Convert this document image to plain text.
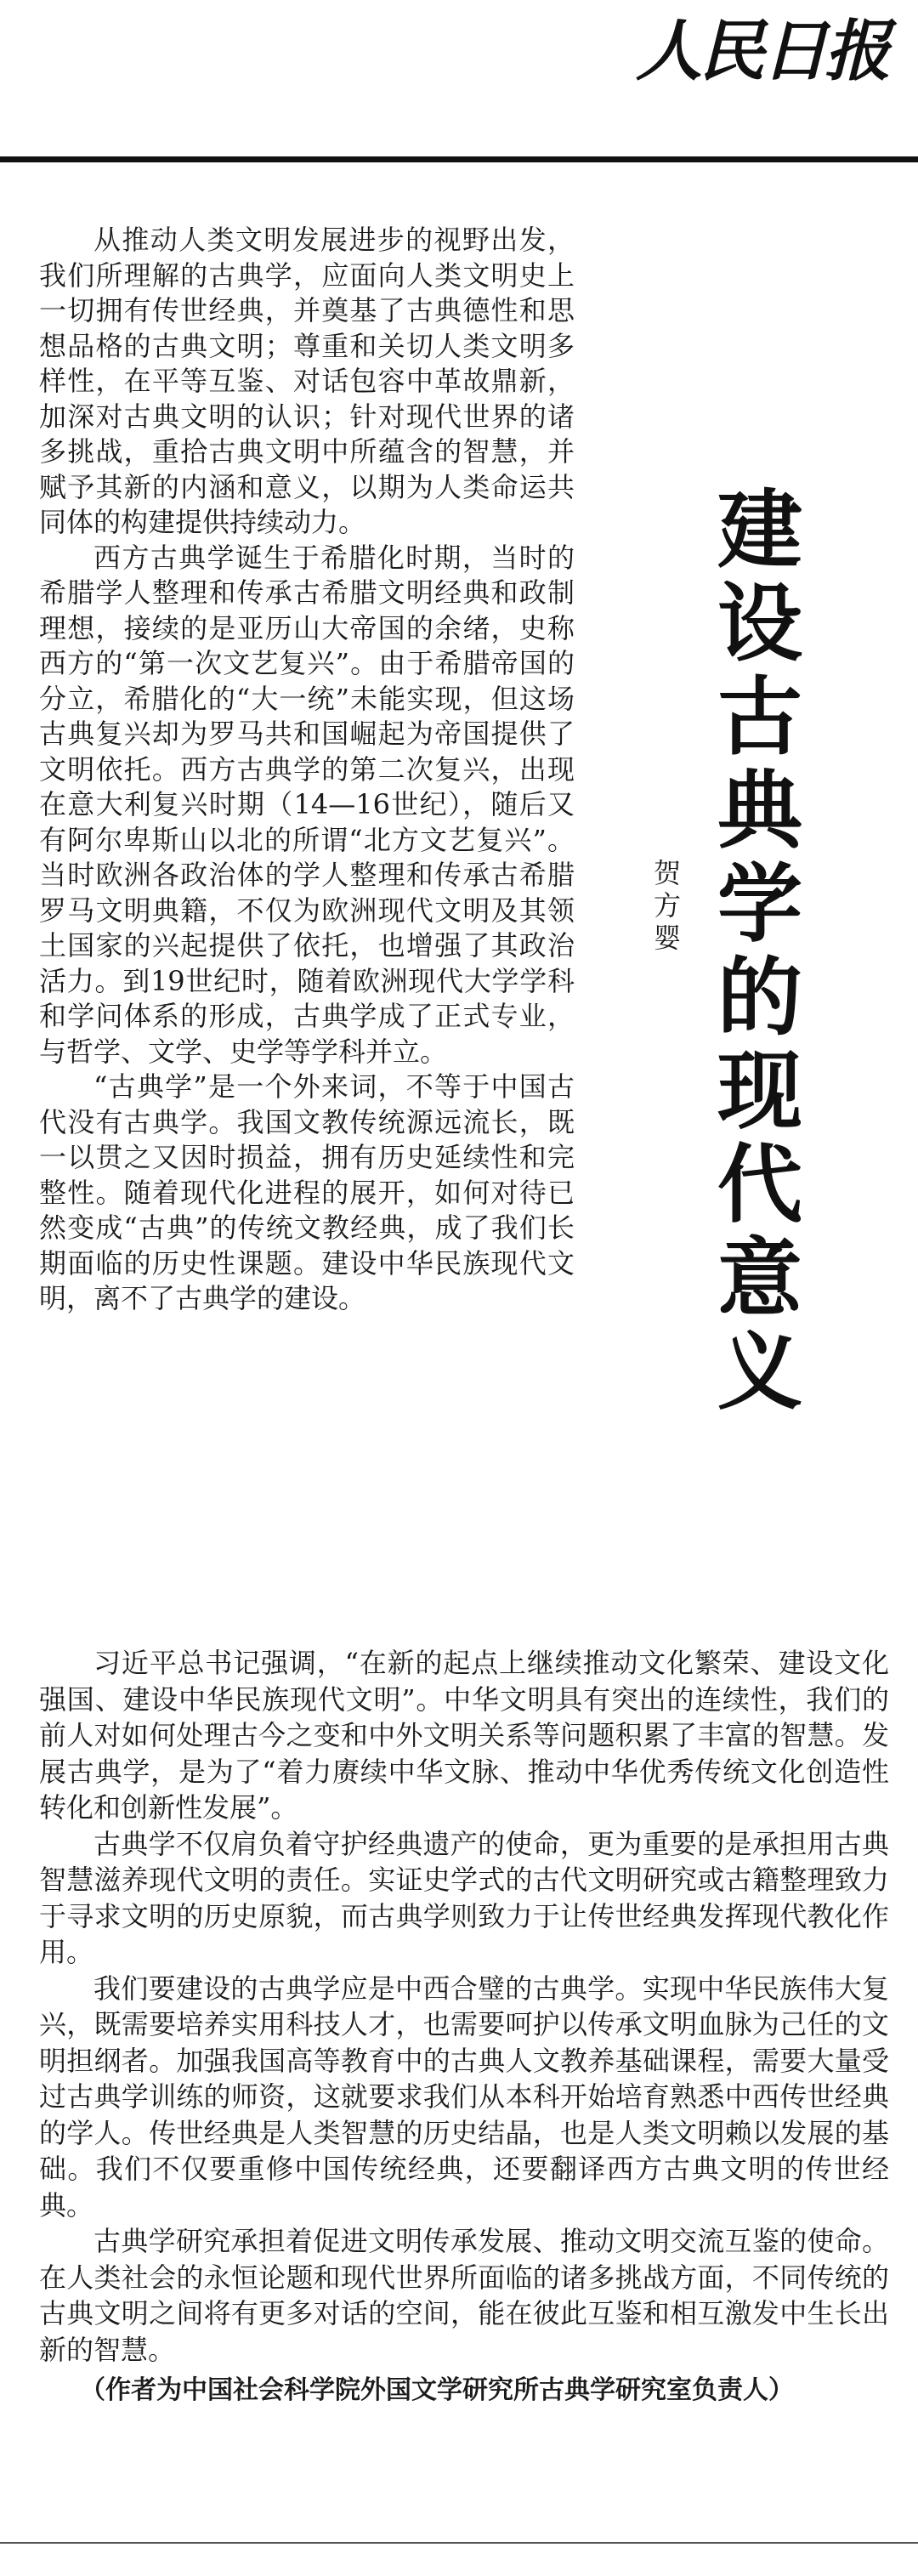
人民日报
建设古典学的现代意义
贺方婴

从推动人类文明发展进步的视野出发，我们所理解的古典学，应面向人类文明史上一切拥有传世经典，并奠基了古典德性和思想品格的古典文明；尊重和关切人类文明多样性，在平等互鉴、对话包容中革故鼎新，加深对古典文明的认识；针对现代世界的诸多挑战，重拾古典文明中所蕴含的智慧，并赋予其新的内涵和意义，以期为人类命运共同体的构建提供持续动力。

西方古典学诞生于希腊化时期，当时的希腊学人整理和传承古希腊文明经典和政制理想，接续的是亚历山大帝国的余绪，史称西方的“第一次文艺复兴”。由于希腊帝国的分立，希腊化的“大一统”未能实现，但这场古典复兴却为罗马共和国崛起为帝国提供了文明依托。西方古典学的第二次复兴，出现在意大利复兴时期（14—16世纪），随后又有阿尔卑斯山以北的所谓“北方文艺复兴”。当时欧洲各政治体的学人整理和传承古希腊罗马文明典籍，不仅为欧洲现代文明及其领土国家的兴起提供了依托，也增强了其政治活力。到19世纪时，随着欧洲现代大学学科和学问体系的形成，古典学成了正式专业，与哲学、文学、史学等学科并立。

“古典学”是一个外来词，不等于中国古代没有古典学。我国文教传统源远流长，既一以贯之又因时损益，拥有历史延续性和完整性。随着现代化进程的展开，如何对待已然变成“古典”的传统文教经典，成了我们长期面临的历史性课题。建设中华民族现代文明，离不了古典学的建设。

习近平总书记强调，“在新的起点上继续推动文化繁荣、建设文化强国、建设中华民族现代文明”。中华文明具有突出的连续性，我们的前人对如何处理古今之变和中外文明关系等问题积累了丰富的智慧。发展古典学，是为了“着力赓续中华文脉、推动中华优秀传统文化创造性转化和创新性发展”。

古典学不仅肩负着守护经典遗产的使命，更为重要的是承担用古典智慧滋养现代文明的责任。实证史学式的古代文明研究或古籍整理致力于寻求文明的历史原貌，而古典学则致力于让传世经典发挥现代教化作用。

我们要建设的古典学应是中西合璧的古典学。实现中华民族伟大复兴，既需要培养实用科技人才，也需要呵护以传承文明血脉为己任的文明担纲者。加强我国高等教育中的古典人文教养基础课程，需要大量受过古典学训练的师资，这就要求我们从本科开始培育熟悉中西传世经典的学人。传世经典是人类智慧的历史结晶，也是人类文明赖以发展的基础。我们不仅要重修中国传统经典，还要翻译西方古典文明的传世经典。

古典学研究承担着促进文明传承发展、推动文明交流互鉴的使命。在人类社会的永恒论题和现代世界所面临的诸多挑战方面，不同传统的古典文明之间将有更多对话的空间，能在彼此互鉴和相互激发中生长出新的智慧。

（作者为中国社会科学院外国文学研究所古典学研究室负责人）
